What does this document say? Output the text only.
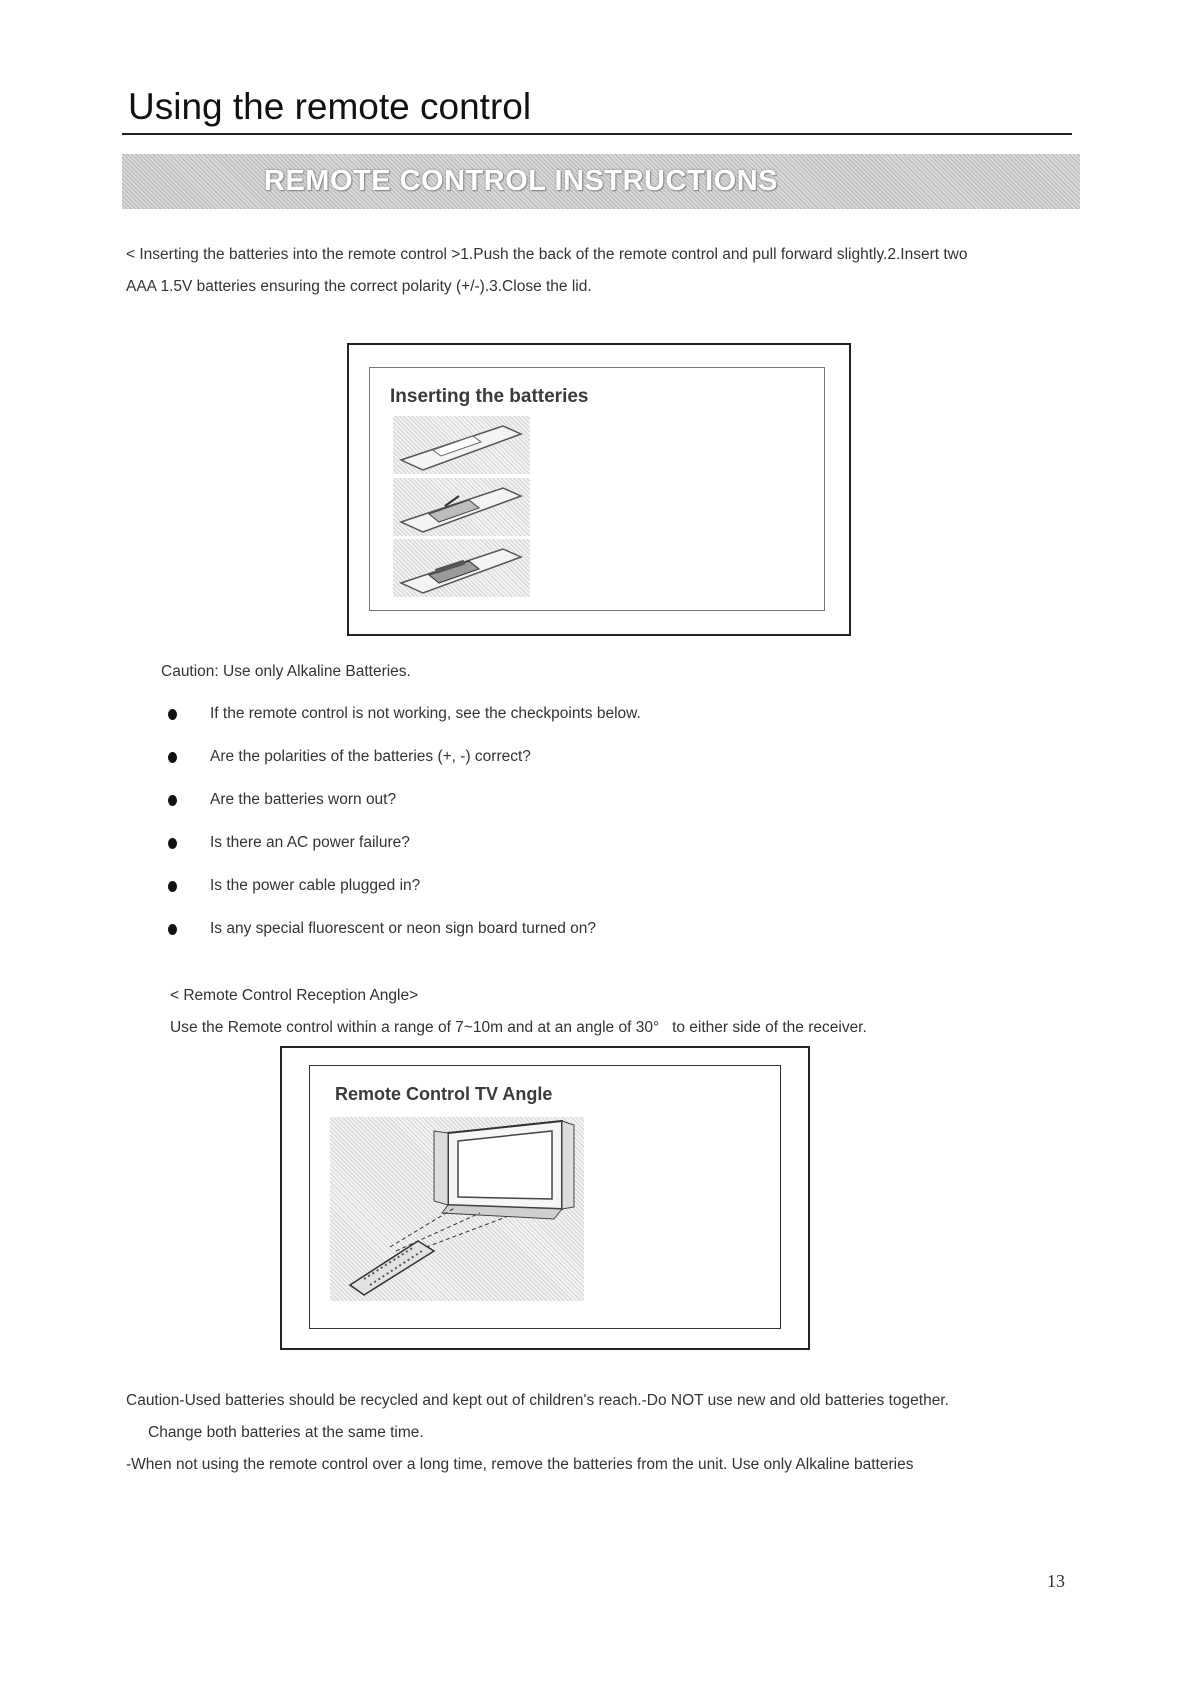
Using the remote control
REMOTE CONTROL INSTRUCTIONS

< Inserting the batteries into the remote control >1.Push the back of the remote control and pull forward slightly.2.Insert two

AAA 1.5V batteries ensuring the correct polarity (+/-).3.Close the lid.

Inserting the batteries

Caution: Use only Alkaline Batteries.

If the remote control is not working, see the checkpoints below.
Are the polarities of the batteries (+, -) correct?
Are the batteries worn out?
Is there an AC power failure?
Is the power cable plugged in?
Is any special fluorescent or neon sign board turned on?

< Remote Control Reception Angle>

Use the Remote control within a range of 7~10m and at an angle of 30°   to either side of the receiver.

Remote Control TV Angle

Caution-Used batteries should be recycled and kept out of children's reach.-Do NOT use new and old batteries together.

Change both batteries at the same time.

-When not using the remote control over a long time, remove the batteries from the unit. Use only Alkaline batteries

13
